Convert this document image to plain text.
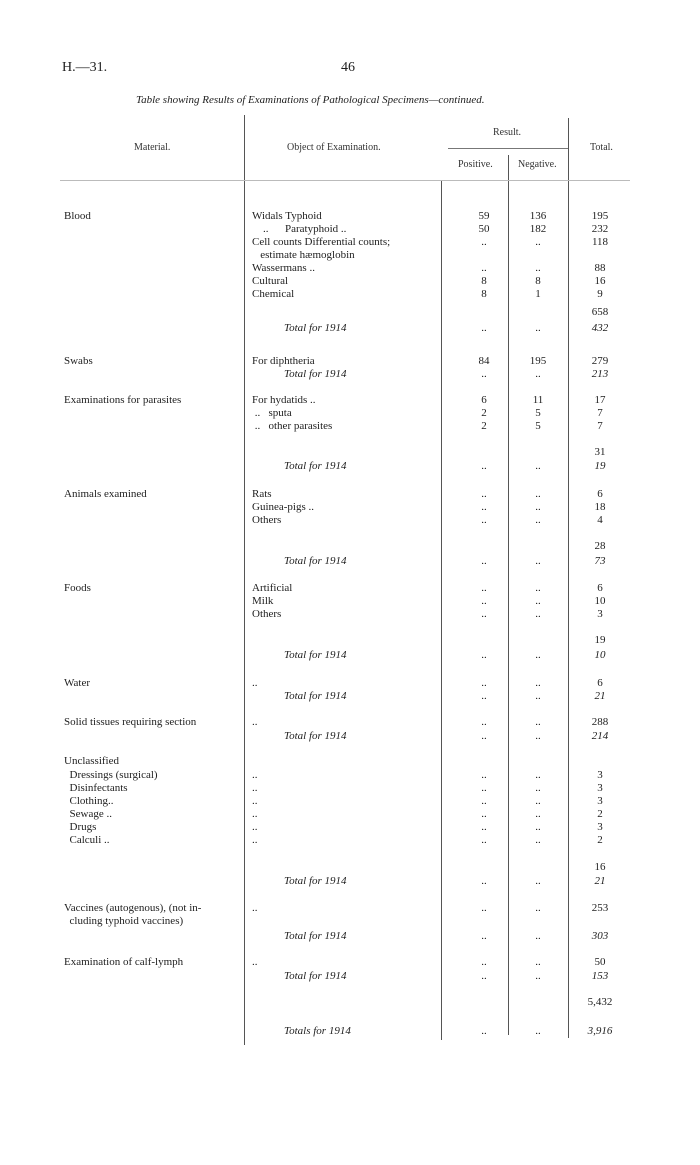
H.—31.	46
Table showing Results of Examinations of Pathological Specimens—continued.
Material.	Object of Examination.
Result.
Positive.	Negative.
Total.
Blood	Widals Typhoid	59	136	195
..      Paratyphoid ..	50	182	232
Cell counts Differential counts;	..	..	118
estimate hæmoglobin
Wassermans ..	..	..	88
Cultural	8	8	16
Chemical	8	1	9
658
Total for 1914	..	..	432
Swabs	For diphtheria	84	195	279
Total for 1914	..	..	213
Examinations for parasites	For hydatids ..	6	11	17
..   sputa	2	5	7
..   other parasites	2	5	7
31
Total for 1914	..	..	19
Animals examined	Rats	..	..	6
Guinea-pigs ..	..	..	18
Others	..	..	4
28
Total for 1914	..	..	73
Foods	Artificial	..	..	6
Milk	..	..	10
Others	..	..	3
19
Total for 1914	..	..	10
Water	..	..	..	6
Total for 1914	..	..	21
Solid tissues requiring section	..	..	..	288
Total for 1914	..	..	214
Unclassified
Dressings (surgical)	..	..	..	3
Disinfectants	..	..	..	3
Clothing..	..	..	..	3
Sewage ..	..	..	..	2
Drugs	..	..	..	3
Calculi ..	..	..	..	2
16
Total for 1914	..	..	21
Vaccines (autogenous), (not in-	..	..	..	253
cluding typhoid vaccines)
Total for 1914	..	..	303
Examination of calf-lymph	..	..	..	50
Total for 1914	..	..	153
5,432
Totals for 1914	..	..	3,916
